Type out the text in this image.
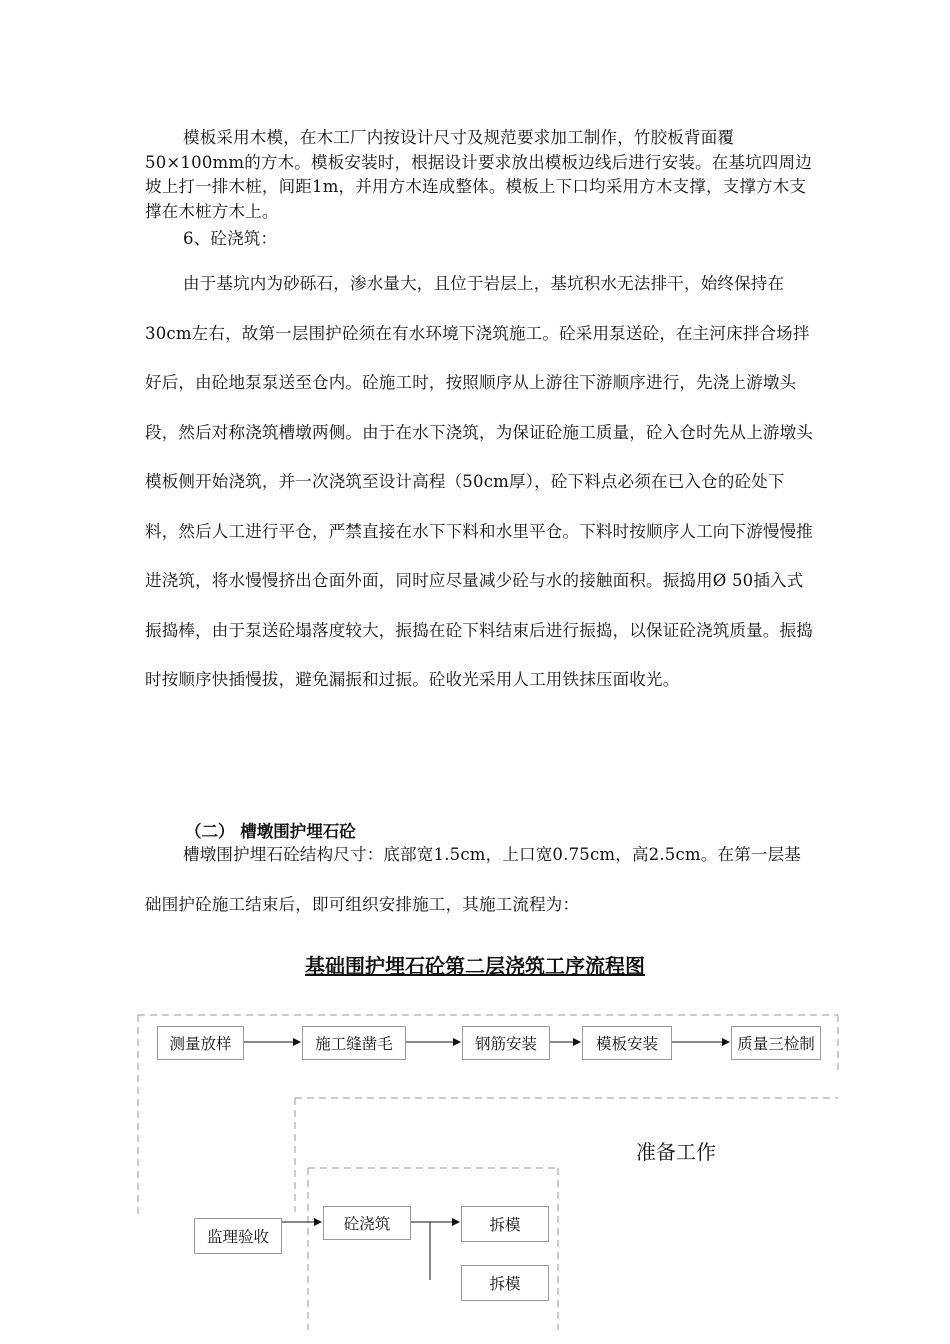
模板采用木模，在木工厂内按设计尺寸及规范要求加工制作，竹胶板背面覆50×100mm的方木。模板安装时，根据设计要求放出模板边线后进行安装。在基坑四周边坡上打一排木桩，间距1m，并用方木连成整体。模板上下口均采用方木支撑，支撑方木支撑在木桩方木上。

6、砼浇筑：

由于基坑内为砂砾石，渗水量大，且位于岩层上，基坑积水无法排干，始终保持在30cm左右，故第一层围护砼须在有水环境下浇筑施工。砼采用泵送砼，在主河床拌合场拌好后，由砼地泵泵送至仓内。砼施工时，按照顺序从上游往下游顺序进行，先浇上游墩头段，然后对称浇筑槽墩两侧。由于在水下浇筑，为保证砼施工质量，砼入仓时先从上游墩头模板侧开始浇筑，并一次浇筑至设计高程（50cm厚），砼下料点必须在已入仓的砼处下料，然后人工进行平仓，严禁直接在水下下料和水里平仓。下料时按顺序人工向下游慢慢推进浇筑，将水慢慢挤出仓面外面，同时应尽量减少砼与水的接触面积。振捣用Ø 50插入式振捣棒，由于泵送砼塌落度较大，振捣在砼下料结束后进行振捣，以保证砼浇筑质量。振捣时按顺序快插慢拔，避免漏振和过振。砼收光采用人工用铁抹压面收光。

（二） 槽墩围护埋石砼

槽墩围护埋石砼结构尺寸：底部宽1.5cm，上口宽0.75cm，高2.5cm。在第一层基础围护砼施工结束后，即可组织安排施工，其施工流程为：

基础围护埋石砼第二层浇筑工序流程图

测量放样	施工缝凿毛	钢筋安装	模板安装	质量三检制

准备工作

监理验收
砼浇筑	拆模
拆模
